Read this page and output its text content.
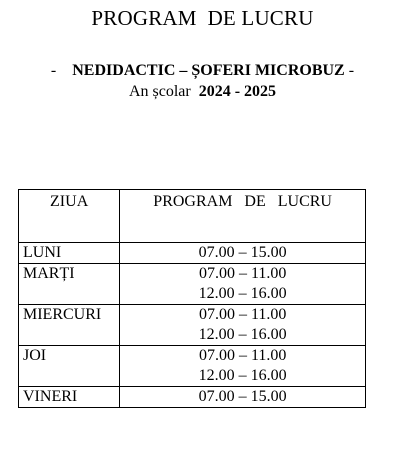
PROGRAM  DE LUCRU
-    NEDIDACTIC – ȘOFERI MICROBUZ -
An școlar  2024 - 2025
ZIUA	PROGRAM   DE   LUCRU
LUNI	07.00 – 15.00

MARȚI	07.00 – 11.00
12.00 – 16.00

MIERCURI	07.00 – 11.00
12.00 – 16.00

JOI	07.00 – 11.00
12.00 – 16.00

VINERI	07.00 – 15.00
